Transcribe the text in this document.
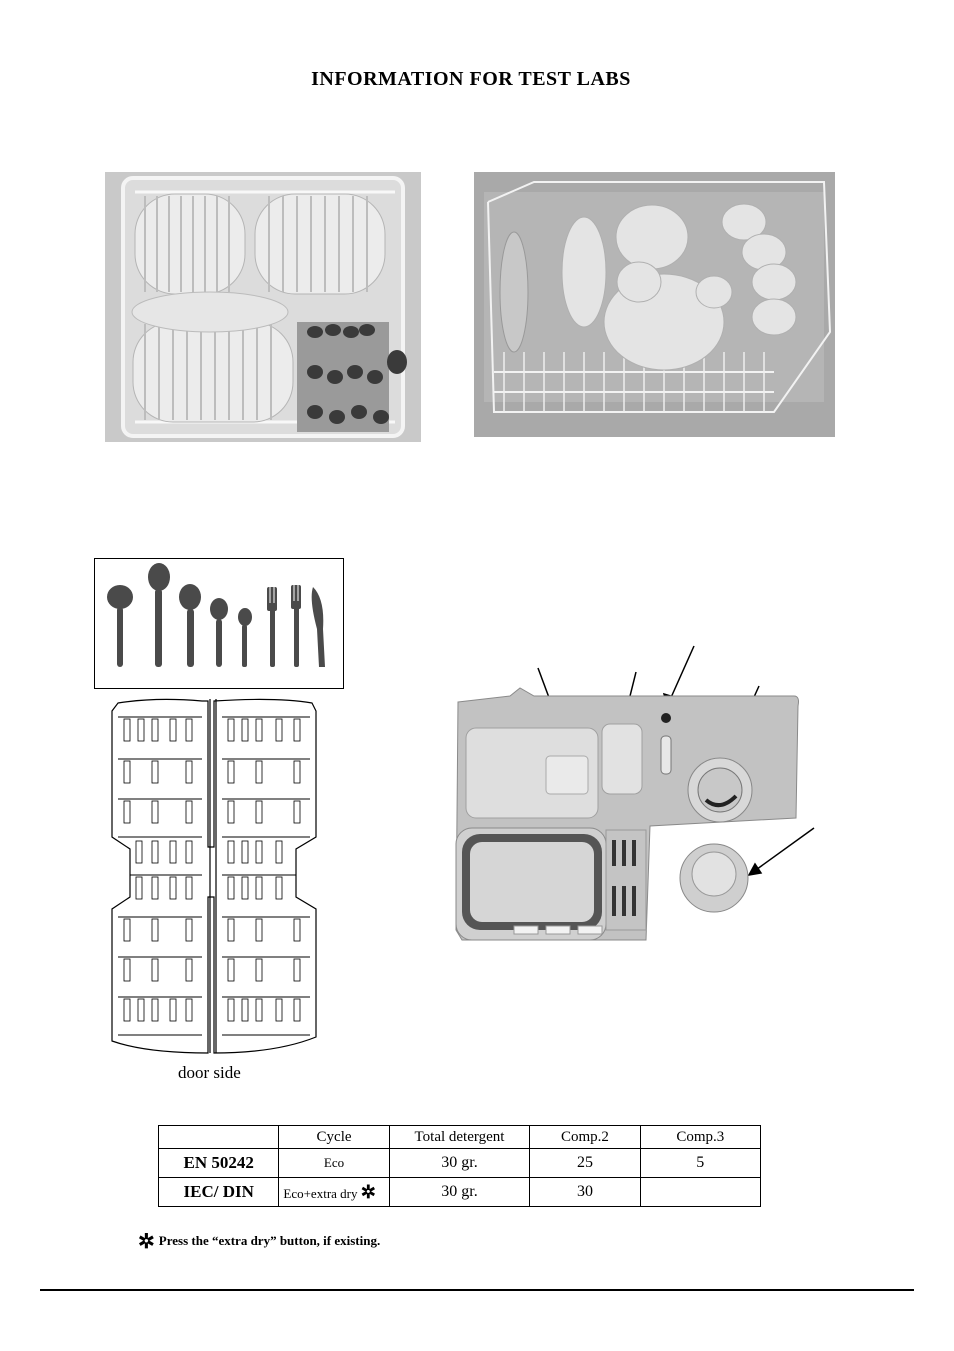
INFORMATION FOR TEST LABS
door side
	Cycle	Total detergent	Comp.2	Comp.3
EN 50242	Eco	30 gr.	25	5
IEC/ DIN	Eco+extra dry ✲	30 gr.	30	
✲ Press the “extra dry” button, if existing.
